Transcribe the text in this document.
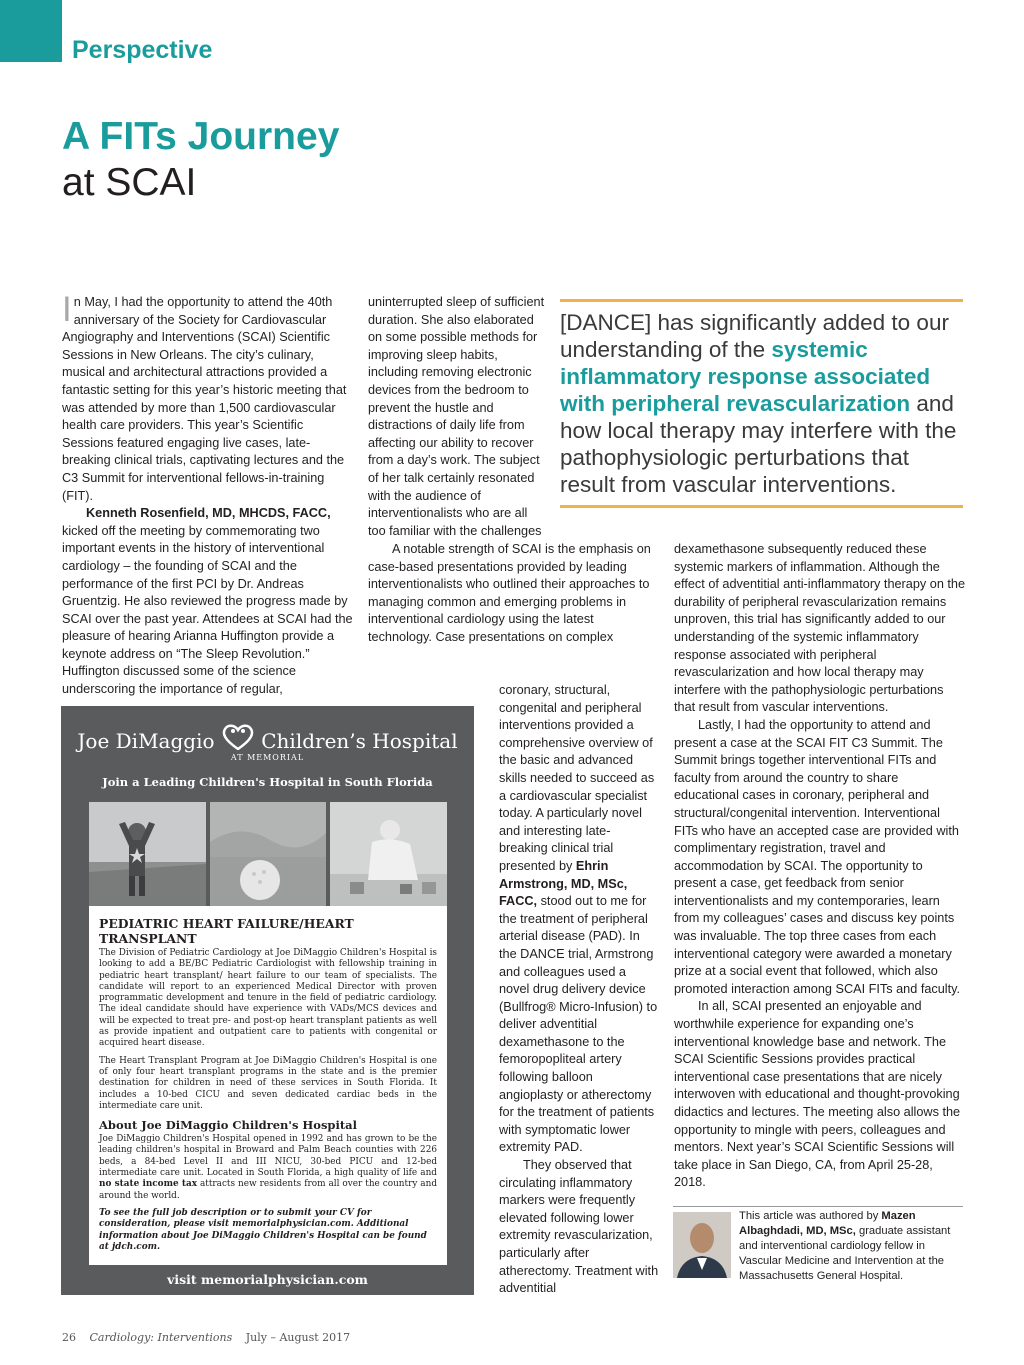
Perspective
A FITs Journey
at SCAI

In May, I had the opportunity to attend the 40th anniversary of the Society for Cardiovascular Angiography and Interventions (SCAI) Scientific Sessions in New Orleans. The city’s culinary, musical and architectural attractions provided a fantastic setting for this year’s historic meeting that was attended by more than 1,500 cardiovascular health care providers. This year’s Scientific Sessions featured engaging live cases, late-breaking clinical trials, captivating lectures and the C3 Summit for interventional fellows-in-training (FIT).

Kenneth Rosenfield, MD, MHCDS, FACC, kicked off the meeting by commemorating two important events in the history of interventional cardiology – the founding of SCAI and the performance of the first PCI by Dr. Andreas Gruentzig. He also reviewed the progress made by SCAI over the past year. Attendees at SCAI had the pleasure of hearing Arianna Huffington provide a keynote address on “The Sleep Revolution.” Huffington discussed some of the science underscoring the importance of regular,

uninterrupted sleep of sufficient duration. She also elaborated on some possible methods for improving sleep habits, including removing electronic devices from the bedroom to prevent the hustle and distractions of daily life from affecting our ability to recover from a day’s work. The subject of her talk certainly resonated with the audience of interventionalists who are all too familiar with the challenges

[DANCE] has significantly added to our understanding of the systemic inflammatory response associated with peripheral revascularization and how local therapy may interfere with the pathophysiologic perturbations that result from vascular interventions.

A notable strength of SCAI is the emphasis on case-based presentations provided by leading interventionalists who outlined their approaches to managing common and emerging problems in interventional cardiology using the latest technology. Case presentations on complex

coronary, structural, congenital and peripheral interventions provided a comprehensive overview of the basic and advanced skills needed to succeed as a cardiovascular specialist today. A particularly novel and interesting late-breaking clinical trial presented by Ehrin Armstrong, MD, MSc, FACC, stood out to me for the treatment of peripheral arterial disease (PAD). In the DANCE trial, Armstrong and colleagues used a novel drug delivery device (Bullfrog® Micro-Infusion) to deliver adventitial dexamethasone to the femoropopliteal artery following balloon angioplasty or atherectomy for the treatment of patients with symptomatic lower extremity PAD.

They observed that circulating inflammatory markers were frequently elevated following lower extremity revascularization, particularly after atherectomy. Treatment with adventitial

dexamethasone subsequently reduced these systemic markers of inflammation. Although the effect of adventitial anti-inflammatory therapy on the durability of peripheral revascularization remains unproven, this trial has significantly added to our understanding of the systemic inflammatory response associated with peripheral revascularization and how local therapy may interfere with the pathophysiologic perturbations that result from vascular interventions.

Lastly, I had the opportunity to attend and present a case at the SCAI FIT C3 Summit. The Summit brings together interventional FITs and faculty from around the country to share educational cases in coronary, peripheral and structural/congenital intervention. Interventional FITs who have an accepted case are provided with complimentary registration, travel and accommodation by SCAI. The opportunity to present a case, get feedback from senior interventionalists and my contemporaries, learn from my colleagues’ cases and discuss key points was invaluable. The top three cases from each interventional category were awarded a monetary prize at a social event that followed, which also promoted interaction among SCAI FITs and faculty.

In all, SCAI presented an enjoyable and worthwhile experience for expanding one’s interventional knowledge base and network. The SCAI Scientific Sessions provides practical interventional case presentations that are nicely interwoven with educational and thought-provoking didactics and lectures. The meeting also allows the opportunity to mingle with peers, colleagues and mentors. Next year’s SCAI Scientific Sessions will take place in San Diego, CA, from April 25-28, 2018.

This article was authored by Mazen Albaghdadi, MD, MSc, graduate assistant and interventional cardiology fellow in Vascular Medicine and Intervention at the Massachusetts General Hospital.
Joe DiMaggio Children’s Hospital
AT MEMORIAL
Join a Leading Children's Hospital in South Florida
PEDIATRIC HEART FAILURE/HEART TRANSPLANT

The Division of Pediatric Cardiology at Joe DiMaggio Children's Hospital is looking to add a BE/BC Pediatric Cardiologist with fellowship training in pediatric heart transplant/ heart failure to our team of specialists. The candidate will report to an experienced Medical Director with proven programmatic development and tenure in the field of pediatric cardiology. The ideal candidate should have experience with VADs/MCS devices and will be expected to treat pre- and post-op heart transplant patients as well as provide inpatient and outpatient care to patients with congenital or acquired heart disease.

The Heart Transplant Program at Joe DiMaggio Children's Hospital is one of only four heart transplant programs in the state and is the premier destination for children in need of these services in South Florida. It includes a 10-bed CICU and seven dedicated cardiac beds in the intermediate care unit.

About Joe DiMaggio Children's Hospital

Joe DiMaggio Children's Hospital opened in 1992 and has grown to be the leading children's hospital in Broward and Palm Beach counties with 226 beds, a 84-bed Level II and III NICU, 30-bed PICU and 12-bed intermediate care unit. Located in South Florida, a high quality of life and no state income tax attracts new residents from all over the country and around the world.

To see the full job description or to submit your CV for consideration, please visit memorialphysician.com. Additional information about Joe DiMaggio Children's Hospital can be found at jdch.com.

visit memorialphysician.com
26 Cardiology: Interventions July – August 2017
